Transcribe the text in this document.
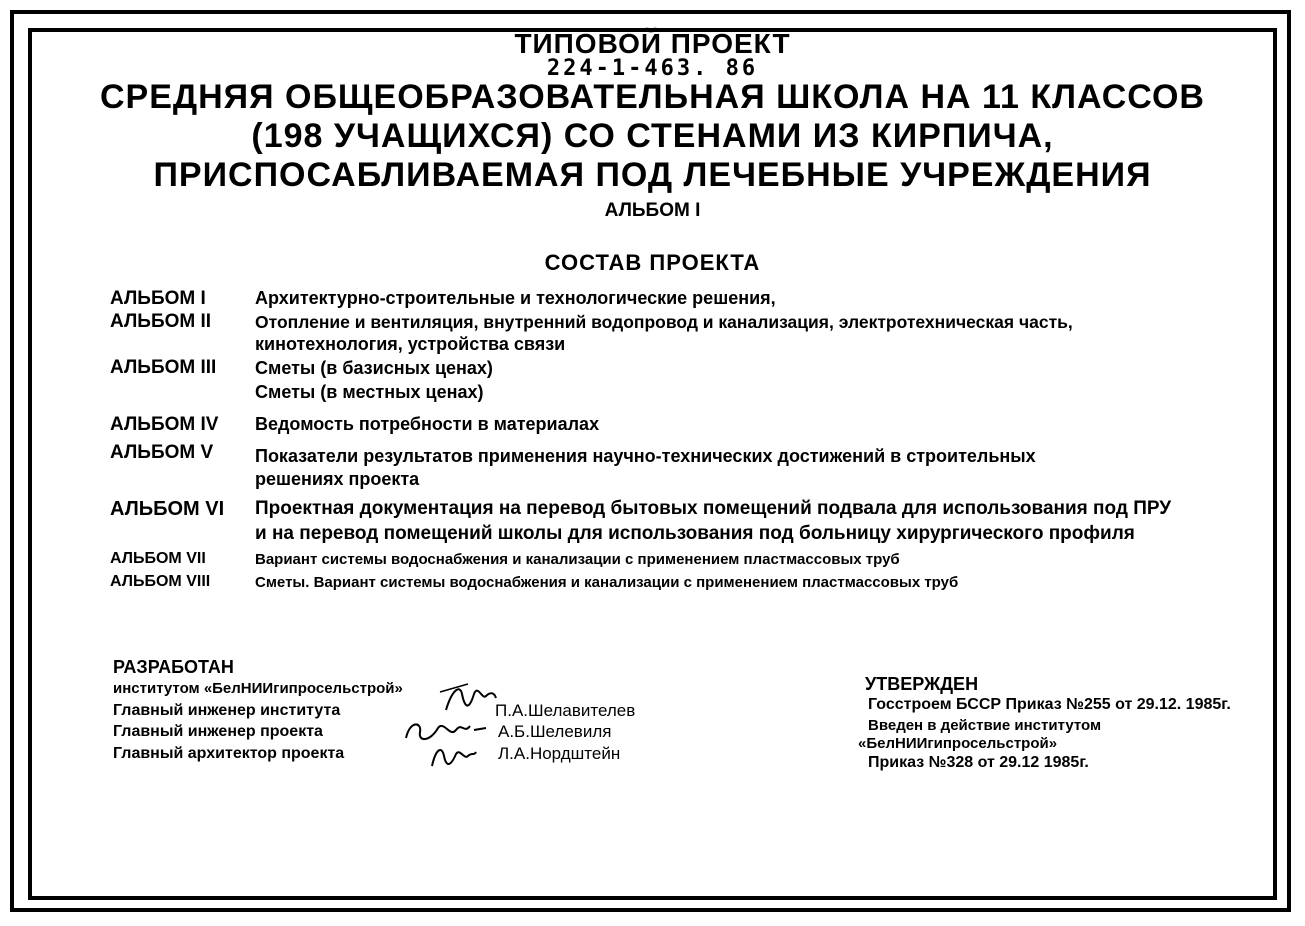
ТИПОВОЙ ПРОЕКТ
224-1-463. 86
СРЕДНЯЯ ОБЩЕОБРАЗОВАТЕЛЬНАЯ ШКОЛА НА 11 КЛАССОВ
(198 УЧАЩИХСЯ) СО СТЕНАМИ ИЗ КИРПИЧА,
ПРИСПОСАБЛИВАЕМАЯ ПОД ЛЕЧЕБНЫЕ УЧРЕЖДЕНИЯ
АЛЬБОМ I
СОСТАВ ПРОЕКТА
АЛЬБОМ I	Архитектурно-строительные и технологические решения,
АЛЬБОМ II	Отопление и вентиляция, внутренний водопровод и канализация, электротехническая часть,
кинотехнология, устройства связи
АЛЬБОМ III Сметы (в базисных ценах)
Сметы (в местных ценах)
АЛЬБОМ IV Ведомость потребности в материалах
АЛЬБОМ V Показатели результатов применения научно-технических достижений в строительных
решениях проекта
АЛЬБОМ VI Проектная документация на перевод бытовых помещений подвала для использования под ПРУ
и на перевод помещений школы для использования под больницу хирургического профиля
АЛЬБОМ VII	Вариант системы водоснабжения и канализации с применением пластмассовых труб
АЛЬБОМ VIII	Сметы. Вариант системы водоснабжения и канализации с применением пластмассовых труб
РАЗРАБОТАН
институтом «БелНИИгипросельстрой»
Главный инженер института	П.А.Шелавителев
Главный инженер проекта	А.Б.Шелевиля
Главный архитектор проекта	Л.А.Нордштейн
УТВЕРЖДЕН
Госстроем БССР Приказ №255 от 29.12. 1985г.
Введен в действие институтом
«БелНИИгипросельстрой»
Приказ №328 от 29.12 1985г.
